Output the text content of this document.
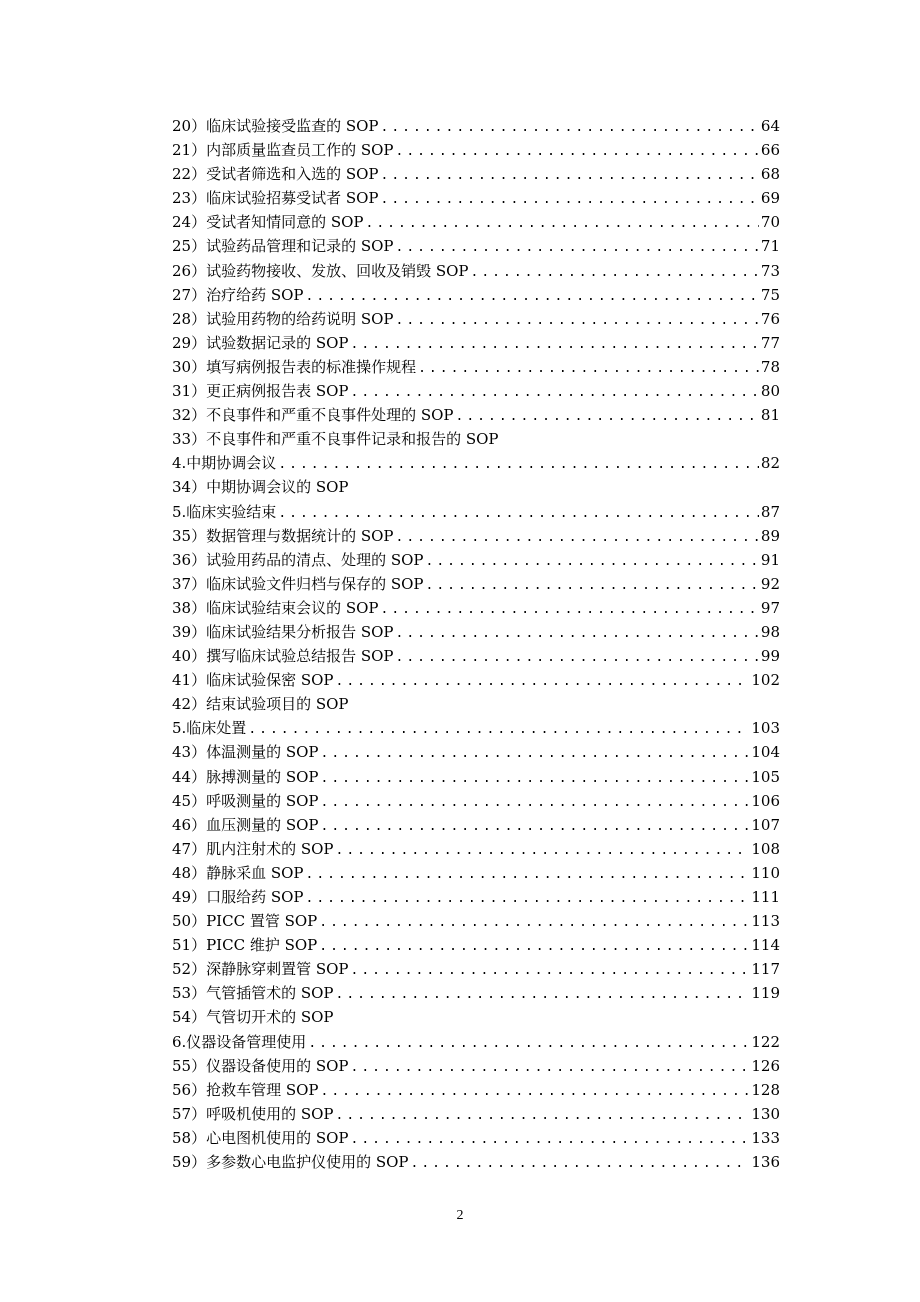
20）临床试验接受监查的 SOP .....	64
21）内部质量监查员工作的 SOP .....	66
22）受试者筛选和入选的 SOP .....	68
23）临床试验招募受试者 SOP .....	69
24）受试者知情同意的 SOP .....	70
25）试验药品管理和记录的 SOP .....	71
26）试验药物接收、发放、回收及销毁 SOP .....	73
27）治疗给药 SOP .....	75
28）试验用药物的给药说明 SOP .....	76
29）试验数据记录的 SOP .....	77
30）填写病例报告表的标准操作规程 .....	78
31）更正病例报告表 SOP .....	80
32）不良事件和严重不良事件处理的 SOP .....	81
33）不良事件和严重不良事件记录和报告的 SOP
4.中期协调会议 .....	82
34）中期协调会议的 SOP
5.临床实验结束 .....	87
35）数据管理与数据统计的 SOP .....	89
36）试验用药品的清点、处理的 SOP .....	91
37）临床试验文件归档与保存的 SOP .....	92
38）临床试验结束会议的 SOP .....	97
39）临床试验结果分析报告 SOP .....	98
40）撰写临床试验总结报告 SOP .....	99
41）临床试验保密 SOP .....	102
42）结束试验项目的 SOP
5.临床处置 .....	103
43）体温测量的 SOP .....	104
44）脉搏测量的 SOP .....	105
45）呼吸测量的 SOP .....	106
46）血压测量的 SOP .....	107
47）肌内注射术的 SOP .....	108
48）静脉采血 SOP .....	110
49）口服给药 SOP .....	111
50）PICC 置管 SOP .....	113
51）PICC 维护 SOP .....	114
52）深静脉穿刺置管 SOP .....	117
53）气管插管术的 SOP .....	119
54）气管切开术的 SOP
6.仪器设备管理使用 .....	122
55）仪器设备使用的 SOP .....	126
56）抢救车管理 SOP .....	128
57）呼吸机使用的 SOP .....	130
58）心电图机使用的 SOP .....	133
59）多参数心电监护仪使用的 SOP .....	136
2
